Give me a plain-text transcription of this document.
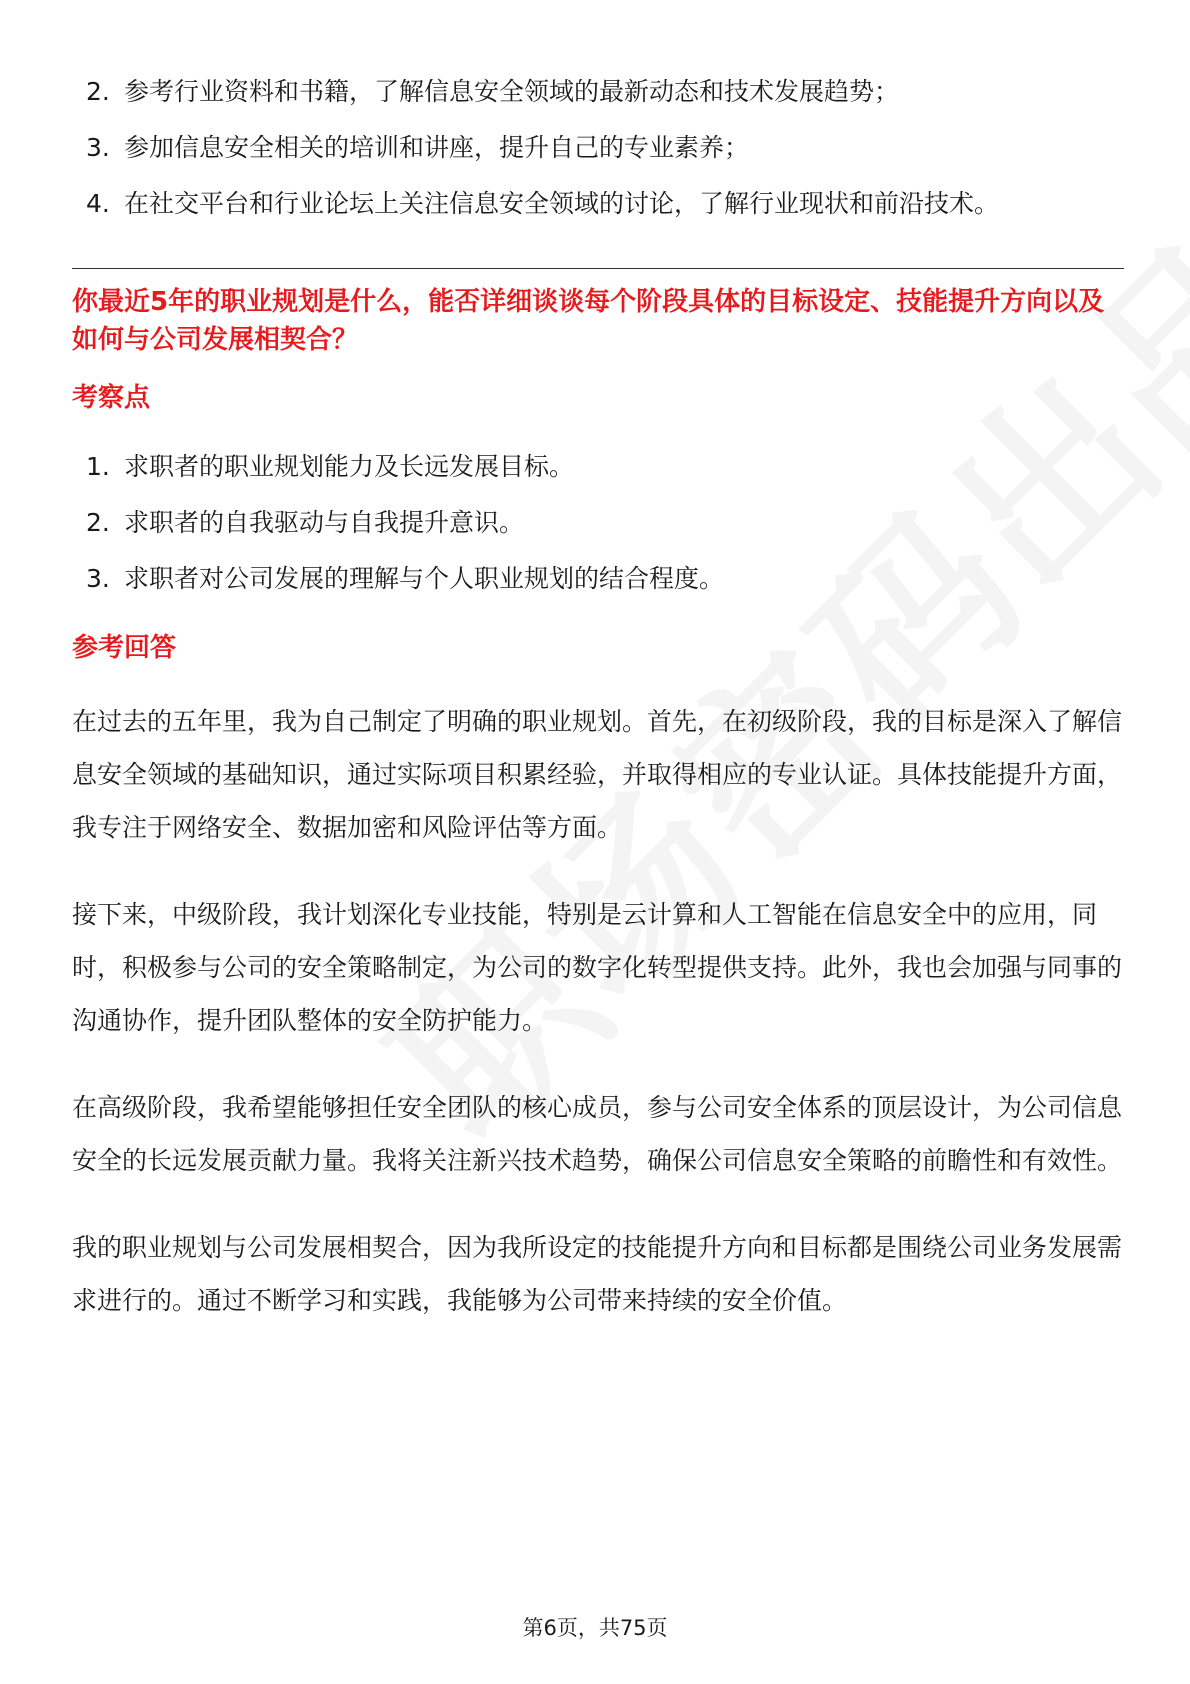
2. 参考行业资料和书籍，了解信息安全领域的最新动态和技术发展趋势；
3. 参加信息安全相关的培训和讲座，提升自己的专业素养；
4. 在社交平台和行业论坛上关注信息安全领域的讨论，了解行业现状和前沿技术。
你最近5年的职业规划是什么，能否详细谈谈每个阶段具体的目标设定、技能提升方向以及如何与公司发展相契合？
考察点
1. 求职者的职业规划能力及长远发展目标。
2. 求职者的自我驱动与自我提升意识。
3. 求职者对公司发展的理解与个人职业规划的结合程度。
参考回答

在过去的五年里，我为自己制定了明确的职业规划。首先，在初级阶段，我的目标是深入了解信息安全领域的基础知识，通过实际项目积累经验，并取得相应的专业认证。具体技能提升方面，我专注于网络安全、数据加密和风险评估等方面。

接下来，中级阶段，我计划深化专业技能，特别是云计算和人工智能在信息安全中的应用，同时，积极参与公司的安全策略制定，为公司的数字化转型提供支持。此外，我也会加强与同事的沟通协作，提升团队整体的安全防护能力。

在高级阶段，我希望能够担任安全团队的核心成员，参与公司安全体系的顶层设计，为公司信息安全的长远发展贡献力量。我将关注新兴技术趋势，确保公司信息安全策略的前瞻性和有效性。

我的职业规划与公司发展相契合，因为我所设定的技能提升方向和目标都是围绕公司业务发展需求进行的。通过不断学习和实践，我能够为公司带来持续的安全价值。

第6页，共75页
